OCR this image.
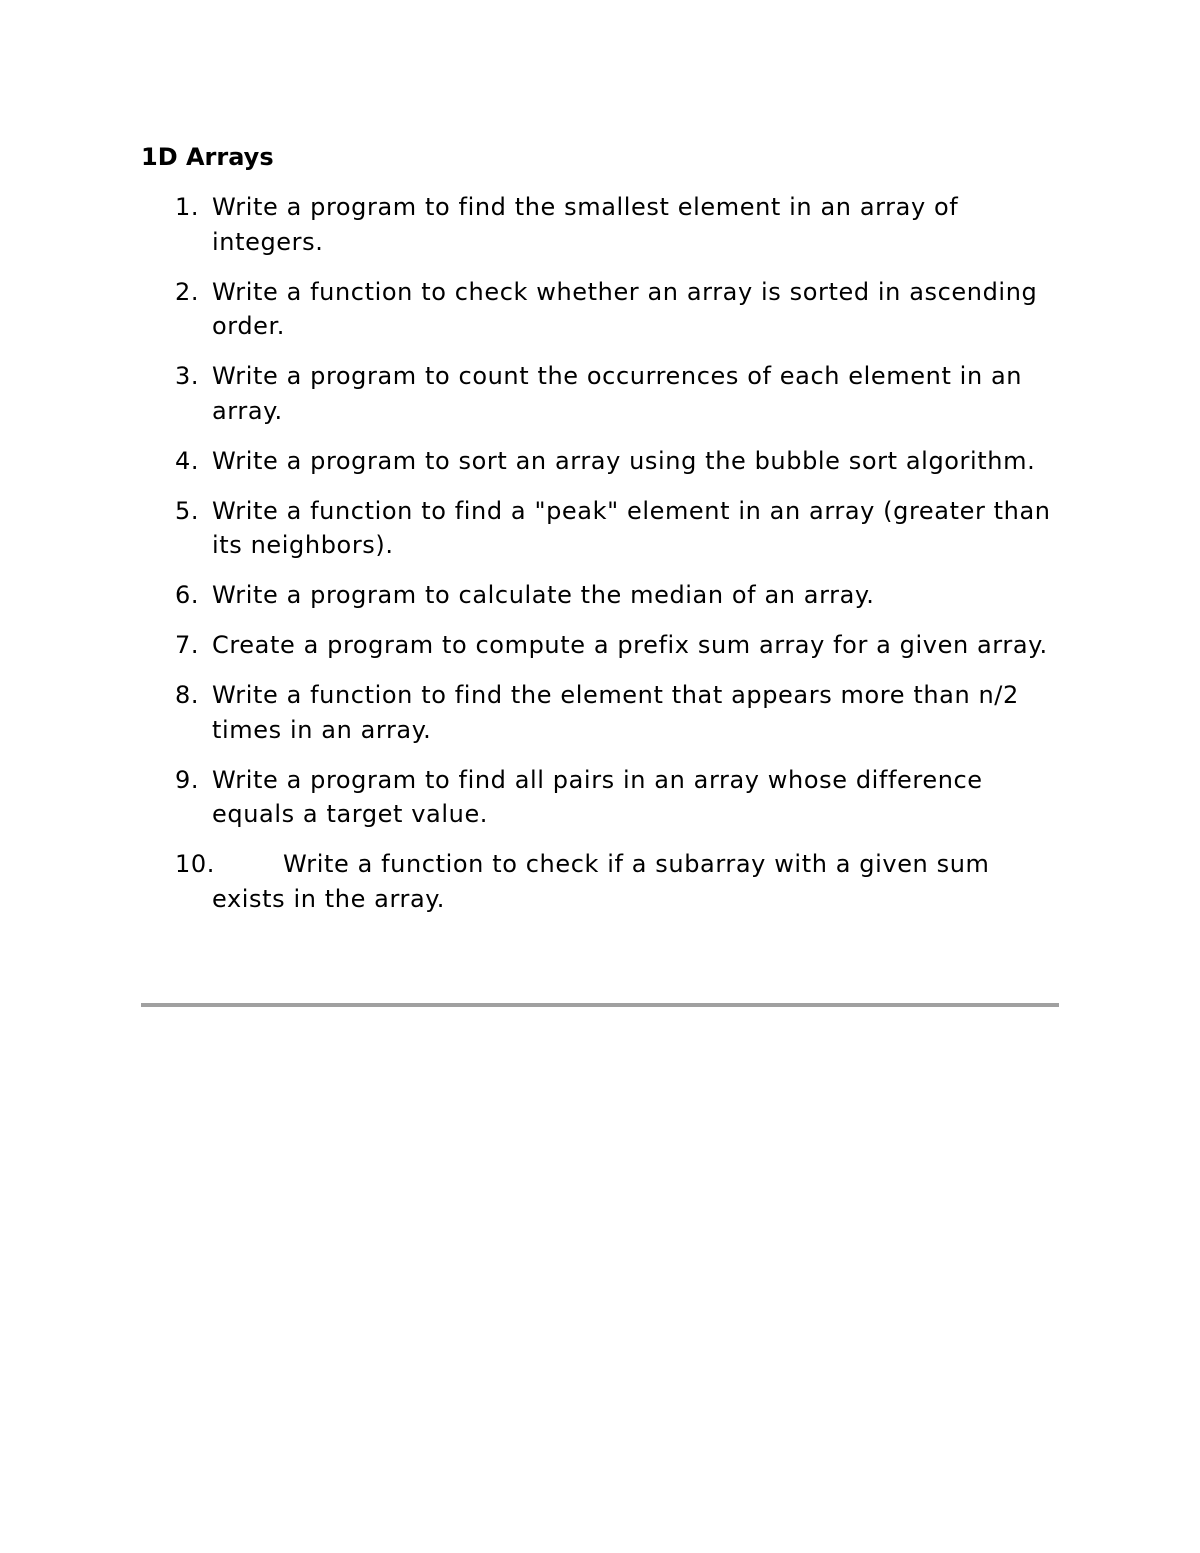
1D Arrays
1. Write a program to find the smallest element in an array of integers.
2. Write a function to check whether an array is sorted in ascending order.
3. Write a program to count the occurrences of each element in an array.
4. Write a program to sort an array using the bubble sort algorithm.
5. Write a function to find a "peak" element in an array (greater than its neighbors).
6. Write a program to calculate the median of an array.
7. Create a program to compute a prefix sum array for a given array.
8. Write a function to find the element that appears more than n/2 times in an array.
9. Write a program to find all pairs in an array whose difference equals a target value.
10.	Write a function to check if a subarray with a given sum exists in the array.
